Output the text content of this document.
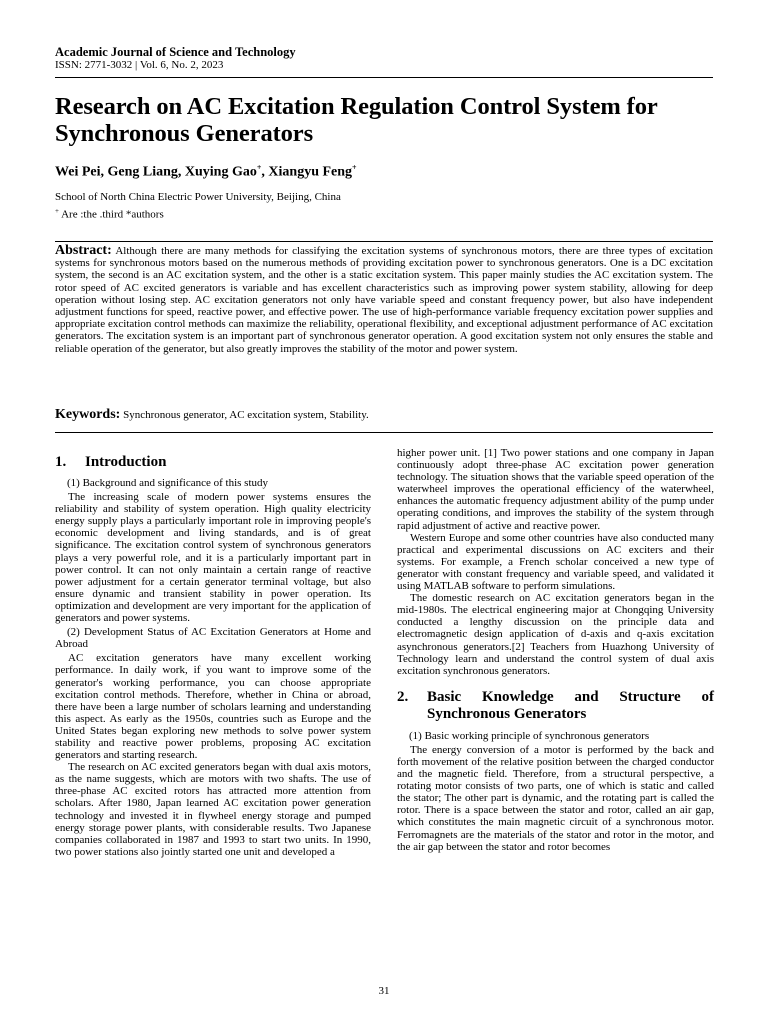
Academic Journal of Science and Technology
ISSN: 2771-3032 | Vol. 6, No. 2, 2023
Research on AC Excitation Regulation Control System for Synchronous Generators
Wei Pei, Geng Liang, Xuying Gao+, Xiangyu Feng+
School of North China Electric Power University, Beijing, China
+ Are :the .third *authors
Abstract: Although there are many methods for classifying the excitation systems of synchronous motors, there are three types of excitation systems for synchronous motors based on the numerous methods of providing excitation power to synchronous generators. One is a DC excitation system, the second is an AC excitation system, and the other is a static excitation system. This paper mainly studies the AC excitation system. The rotor speed of AC excited generators is variable and has excellent characteristics such as improving power system stability, allowing for deep operation without losing step. AC excitation generators not only have variable speed and constant frequency power, but also have independent adjustment functions for speed, reactive power, and effective power. The use of high-performance variable frequency excitation power supplies and appropriate excitation control methods can maximize the reliability, operational flexibility, and exceptional adjustment performance of AC excitation generators. The excitation system is an important part of synchronous generator operation. A good excitation system not only ensures the stable and reliable operation of the generator, but also greatly improves the stability of the motor and power system.
Keywords: Synchronous generator, AC excitation system, Stability.
1.	Introduction

(1) Background and significance of this study

The increasing scale of modern power systems ensures the reliability and stability of system operation. High quality electricity energy supply plays a particularly important role in improving people's economic development and living standards, and is of great significance. The excitation control system of synchronous generators plays a very powerful role, and it is a particularly important part in power control. It can not only maintain a certain range of reactive power adjustment for a certain generator terminal voltage, but also ensure dynamic and transient stability in power operation. Its optimization and development are very important for the application of generators and power systems.

(2) Development Status of AC Excitation Generators at Home and Abroad

AC excitation generators have many excellent working performance. In daily work, if you want to improve some of the generator's working performance, you can choose appropriate excitation control methods. Therefore, whether in China or abroad, there have been a large number of scholars learning and understanding this aspect. As early as the 1950s, countries such as Europe and the United States began exploring new methods to solve power system stability and reactive power problems, proposing AC excitation generators and starting research.

The research on AC excited generators began with dual axis motors, as the name suggests, which are motors with two shafts. The use of three-phase AC excited rotors has attracted more attention from scholars. After 1980, Japan learned AC excitation power generation technology and invested it in flywheel energy storage and pumped energy storage power plants, with considerable results. Two Japanese companies collaborated in 1987 and 1993 to start two units. In 1990, two power stations also jointly started one unit and developed a

higher power unit. [1] Two power stations and one company in Japan continuously adopt three-phase AC excitation power generation technology. The situation shows that the variable speed operation of the waterwheel improves the operational efficiency of the waterwheel, enhances the automatic frequency adjustment ability of the pump under operating conditions, and improves the stability of the system through rapid adjustment of active and reactive power.

Western Europe and some other countries have also conducted many practical and experimental discussions on AC exciters and their systems. For example, a French scholar conceived a new type of generator with constant frequency and variable speed, and validated it using MATLAB software to perform simulations.

The domestic research on AC excitation generators began in the mid-1980s. The electrical engineering major at Chongqing University conducted a lengthy discussion on the principle data and electromagnetic design application of d-axis and q-axis excitation asynchronous generators.[2] Teachers from Huazhong University of Technology learn and understand the control system of dual axis excitation synchronous generators.

2.	Basic Knowledge and Structure of Synchronous Generators

(1) Basic working principle of synchronous generators

The energy conversion of a motor is performed by the back and forth movement of the relative position between the charged conductor and the magnetic field. Therefore, from a structural perspective, a rotating motor consists of two parts, one of which is static and called the stator; The other part is dynamic, and the rotating part is called the rotor. There is a space between the stator and rotor, called an air gap, which constitutes the main magnetic circuit of a synchronous motor. Ferromagnets are the materials of the stator and rotor in the motor, and the air gap between the stator and rotor becomes

31
